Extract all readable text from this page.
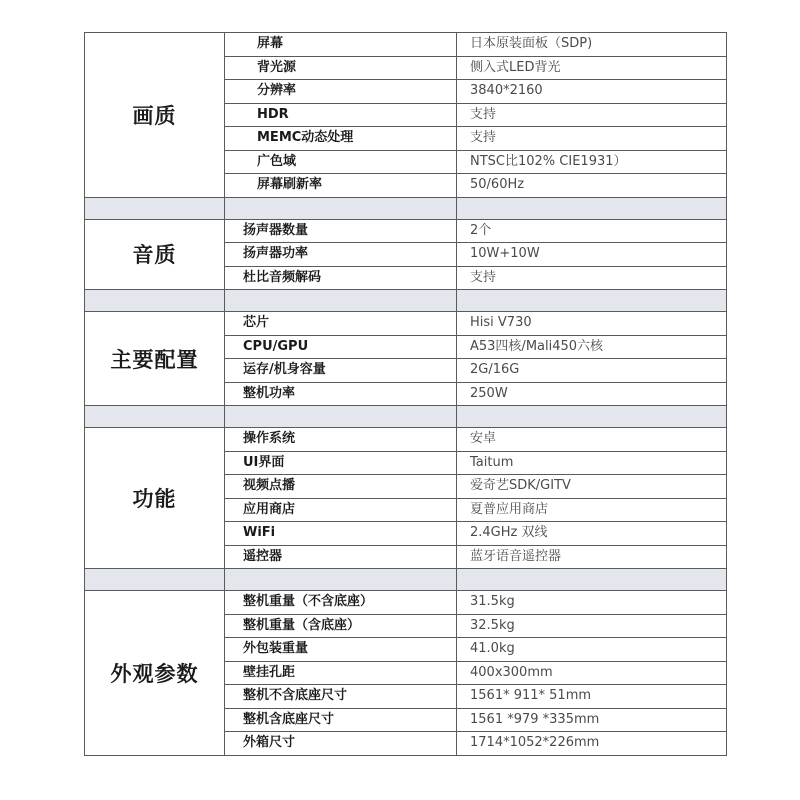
画质	屏幕	日本原装面板（SDP)
	背光源	侧入式LED背光
	分辨率	3840*2160
	HDR	支持
	MEMC动态处理	支持
	广色域	NTSC比102% CIE1931）
	屏幕刷新率	50/60Hz

音质	扬声器数量	2个
	扬声器功率	10W+10W
	杜比音频解码	支持

主要配置	芯片	Hisi V730
	CPU/GPU	A53四核/Mali450六核
	运存/机身容量	2G/16G
	整机功率	250W

功能	操作系统	安卓
	UI界面	Taitum
	视频点播	爱奇艺SDK/GITV
	应用商店	夏普应用商店
	WiFi	2.4GHz 双线
	遥控器	蓝牙语音遥控器

外观参数	整机重量（不含底座）	31.5kg
	整机重量（含底座）	32.5kg
	外包装重量	41.0kg
	壁挂孔距	400x300mm
	整机不含底座尺寸	1561* 911* 51mm
	整机含底座尺寸	1561 *979 *335mm
	外箱尺寸	1714*1052*226mm
